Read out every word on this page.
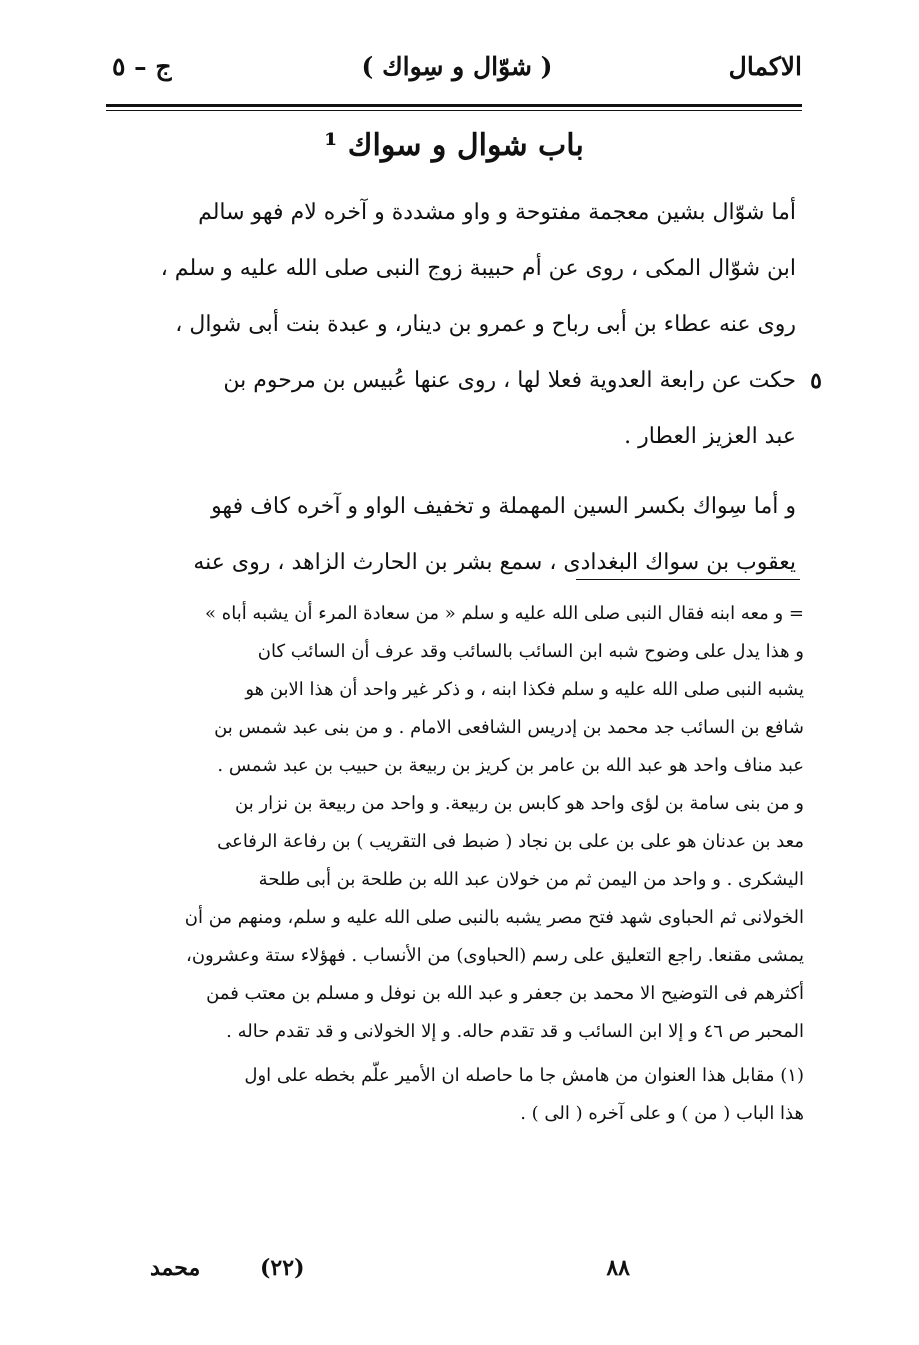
الاكمال
( شوّال و سِواك )
ج – ٥
باب شوال و سواك ¹
أما شوّال بشين معجمة مفتوحة و واو مشددة و آخره لام فهو سالم
ابن شوّال المكى ، روى عن أم حبيبة زوج النبى صلى الله عليه و سلم ،
روى عنه عطاء بن أبى رباح و عمرو بن دينار، و عبدة بنت أبى شوال ،
حكت عن رابعة العدوية فعلا لها ، روى عنها عُبيس بن مرحوم بن ٥
عبد العزيز العطار .
و أما سِواك بكسر السين المهملة و تخفيف الواو و آخره كاف فهو
يعقوب بن سواك البغدادى ، سمع بشر بن الحارث الزاهد ، روى عنه
= و معه ابنه فقال النبى صلى الله عليه و سلم « من سعادة المرء أن يشبه أباه »
و هذا يدل على وضوح شبه ابن السائب بالسائب وقد عرف أن السائب كان
يشبه النبى صلى الله عليه و سلم فكذا ابنه ، و ذكر غير واحد أن هذا الابن هو
شافع بن السائب جد محمد بن إدريس الشافعى الامام . و من بنى عبد شمس بن
عبد مناف واحد هو عبد الله بن عامر بن كريز بن ربيعة بن حبيب بن عبد شمس .
و من بنى سامة بن لؤى واحد هو كابس بن ربيعة. و واحد من ربيعة بن نزار بن
معد بن عدنان هو على بن على بن نجاد ( ضبط فى التقريب ) بن رفاعة الرفاعى
اليشكرى . و واحد من اليمن ثم من خولان عبد الله بن طلحة بن أبى طلحة
الخولانى ثم الحباوى شهد فتح مصر يشبه بالنبى صلى الله عليه و سلم، ومنهم من أن
يمشى مقنعا. راجع التعليق على رسم (الحباوى) من الأنساب . فهؤلاء ستة وعشرون،
أكثرهم فى التوضيح الا محمد بن جعفر و عبد الله بن نوفل و مسلم بن معتب فمن
المحبر ص ٤٦ و إلا ابن السائب و قد تقدم حاله. و إلا الخولانى و قد تقدم حاله .
(١) مقابل هذا العنوان من هامش جا ما حاصله ان الأمير علّم بخطه على اول
هذا الباب ( من ) و على آخره ( الى ) .
٨٨
(٢٢)
محمد
